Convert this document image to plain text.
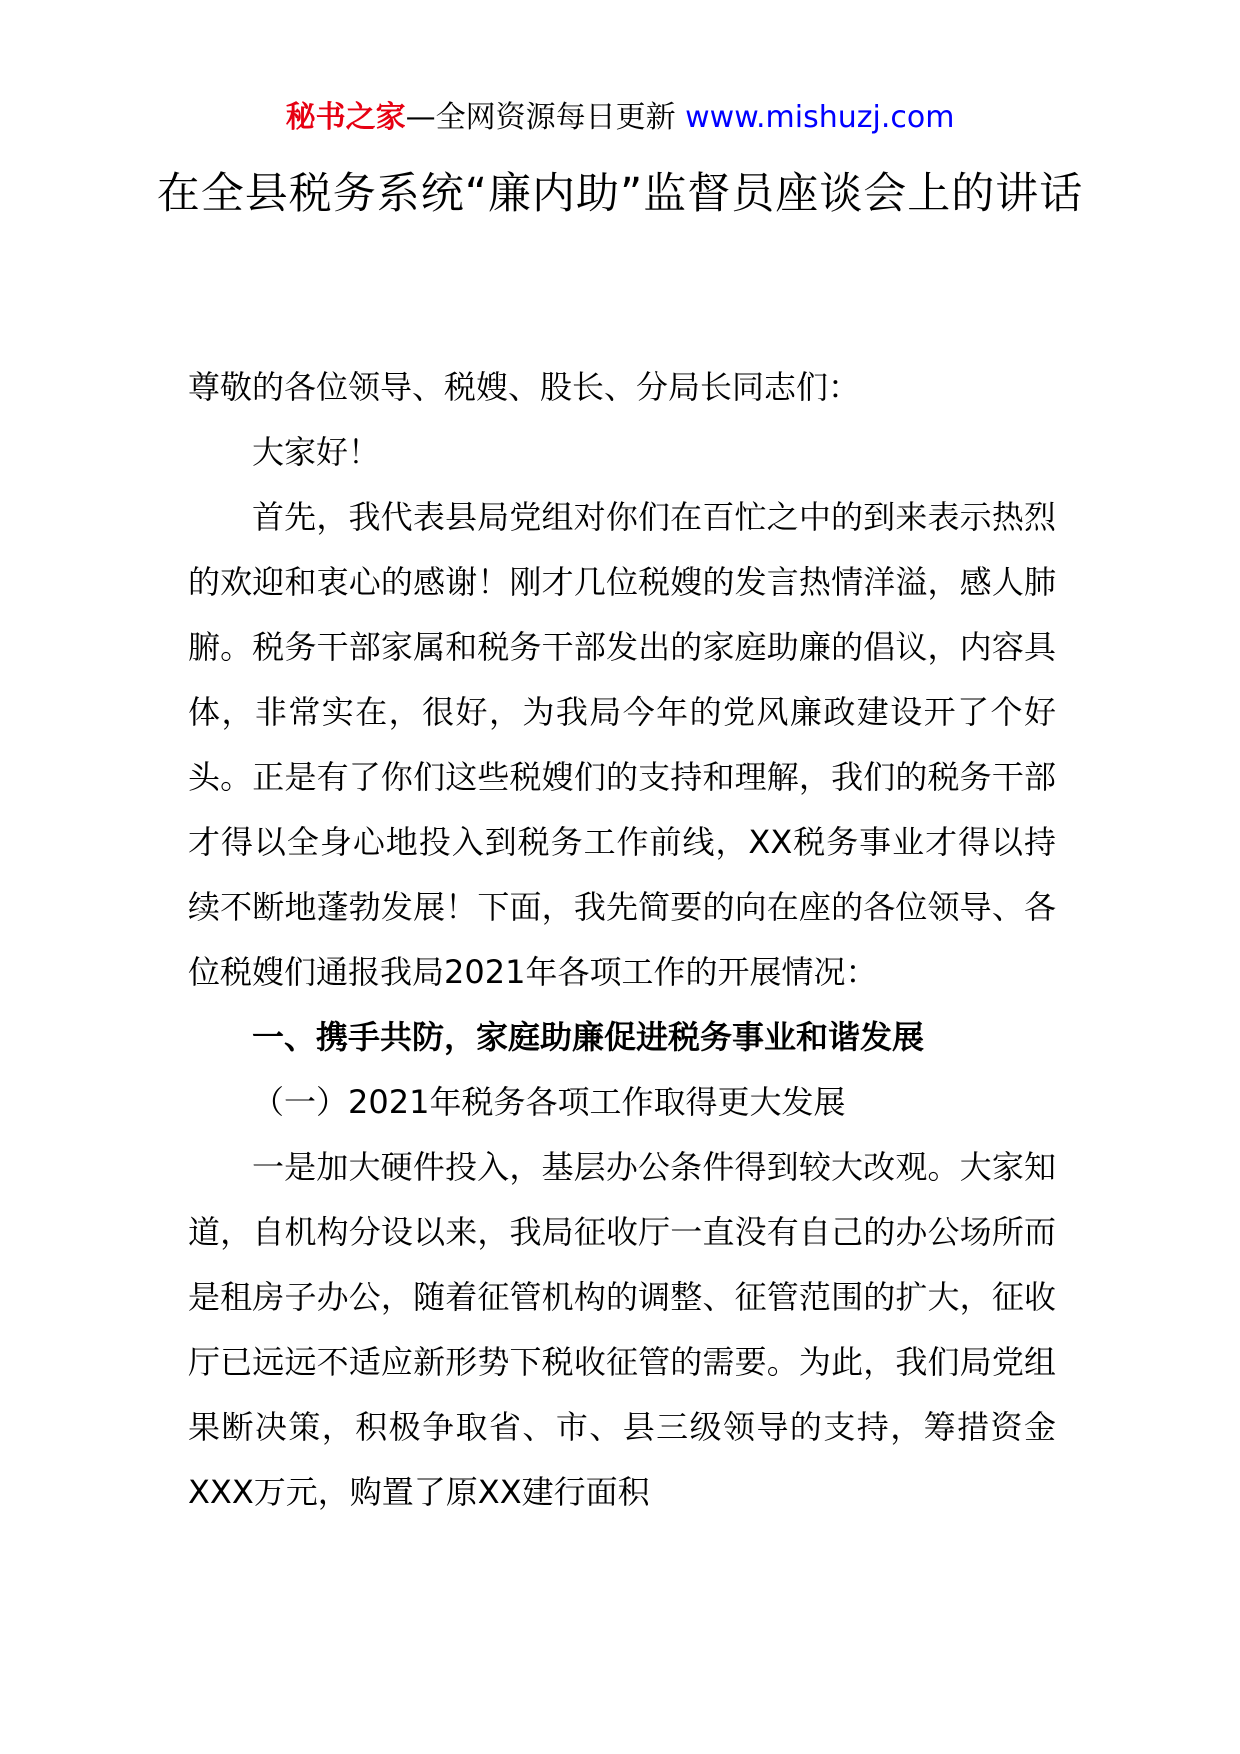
秘书之家—全网资源每日更新 www.mishuzj.com
在全县税务系统“廉内助”监督员座谈会上的讲话

尊敬的各位领导、税嫂、股长、分局长同志们：

大家好！

首先，我代表县局党组对你们在百忙之中的到来表示热烈的欢迎和衷心的感谢！刚才几位税嫂的发言热情洋溢，感人肺腑。税务干部家属和税务干部发出的家庭助廉的倡议，内容具体，非常实在，很好，为我局今年的党风廉政建设开了个好头。正是有了你们这些税嫂们的支持和理解，我们的税务干部才得以全身心地投入到税务工作前线，XX税务事业才得以持续不断地蓬勃发展！下面，我先简要的向在座的各位领导、各位税嫂们通报我局2021年各项工作的开展情况：

一、携手共防，家庭助廉促进税务事业和谐发展

（一）2021年税务各项工作取得更大发展

一是加大硬件投入，基层办公条件得到较大改观。大家知道，自机构分设以来，我局征收厅一直没有自己的办公场所而是租房子办公，随着征管机构的调整、征管范围的扩大，征收厅已远远不适应新形势下税收征管的需要。为此，我们局党组果断决策，积极争取省、市、县三级领导的支持，筹措资金XXX万元，购置了原XX建行面积
